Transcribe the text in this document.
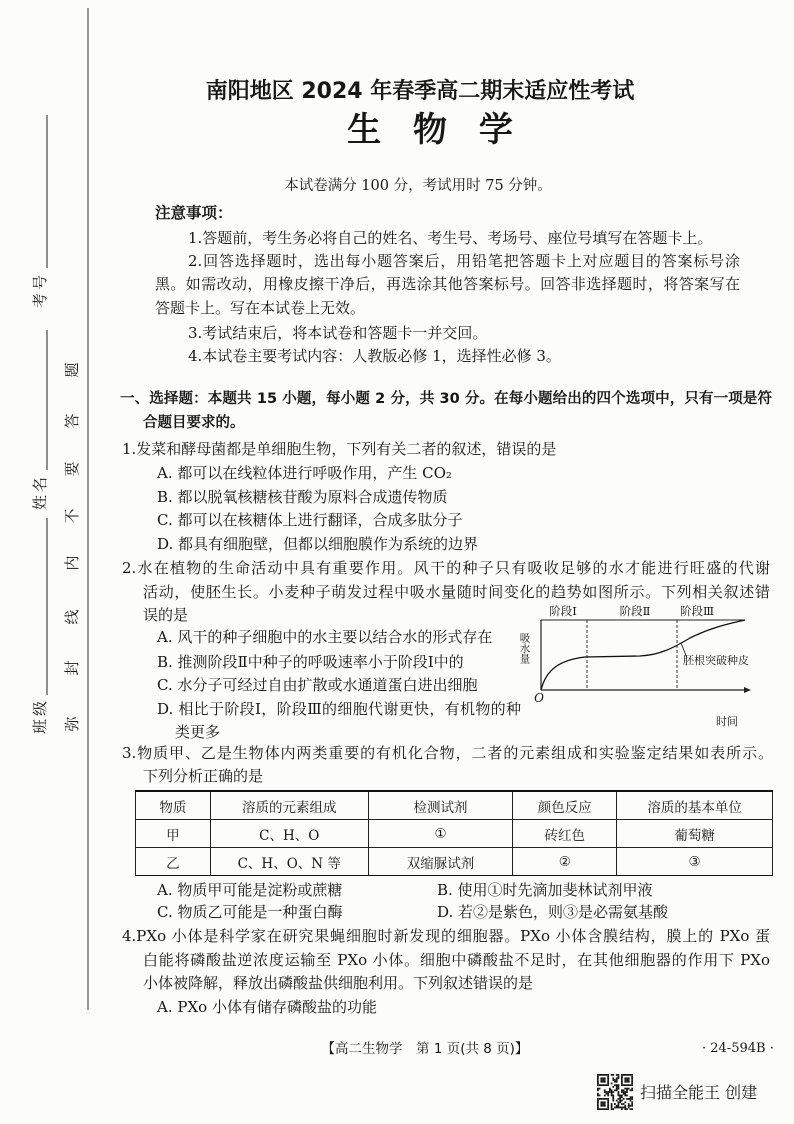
考号
姓名
班级 弥
封
线
内
不
要
答
题
南阳地区 2024 年春季高二期末适应性考试
生 物 学
本试卷满分 100 分，考试用时 75 分钟。
注意事项：
1.答题前，考生务必将自己的姓名、考生号、考场号、座位号填写在答题卡上。
2.回答选择题时，选出每小题答案后，用铅笔把答题卡上对应题目的答案标号涂
黑。如需改动，用橡皮擦干净后，再选涂其他答案标号。回答非选择题时，将答案写在
答题卡上。写在本试卷上无效。
3.考试结束后，将本试卷和答题卡一并交回。
4.本试卷主要考试内容：人教版必修 1，选择性必修 3。
一、选择题：本题共 15 小题，每小题 2 分，共 30 分。在每小题给出的四个选项中，只有一项是符
合题目要求的。
1.发菜和酵母菌都是单细胞生物，下列有关二者的叙述，错误的是
A. 都可以在线粒体进行呼吸作用，产生 CO₂
B. 都以脱氧核糖核苷酸为原料合成遗传物质
C. 都可以在核糖体上进行翻译，合成多肽分子
D. 都具有细胞壁，但都以细胞膜作为系统的边界
2.水在植物的生命活动中具有重要作用。风干的种子只有吸收足够的水才能进行旺盛的代谢
活动，使胚生长。小麦种子萌发过程中吸水量随时间变化的趋势如图所示。下列相关叙述错
误的是
A. 风干的种子细胞中的水主要以结合水的形式存在
B. 推测阶段Ⅱ中种子的呼吸速率小于阶段Ⅰ中的
C. 水分子可经过自由扩散或水通道蛋白进出细胞
D. 相比于阶段Ⅰ，阶段Ⅲ的细胞代谢更快，有机物的种
类更多
阶段Ⅰ	阶段Ⅱ	阶段Ⅲ
吸水量
O
时间
胚根突破种皮
3.物质甲、乙是生物体内两类重要的有机化合物，二者的元素组成和实验鉴定结果如表所示。
下列分析正确的是
物质	溶质的元素组成	检测试剂	颜色反应	溶质的基本单位
甲	C、H、O	①	砖红色	葡萄糖
乙	C、H、O、N 等	双缩脲试剂	②	③
A. 物质甲可能是淀粉或蔗糖	B. 使用①时先滴加斐林试剂甲液
C. 物质乙可能是一种蛋白酶	D. 若②是紫色，则③是必需氨基酸
4.PXo 小体是科学家在研究果蝇细胞时新发现的细胞器。PXo 小体含膜结构，膜上的 PXo 蛋
白能将磷酸盐逆浓度运输至 PXo 小体。细胞中磷酸盐不足时，在其他细胞器的作用下 PXo
小体被降解，释放出磷酸盐供细胞利用。下列叙述错误的是
A. PXo 小体有储存磷酸盐的功能
【高二生物学　第 1 页(共 8 页)】	· 24-594B ·
扫描全能王 创建
